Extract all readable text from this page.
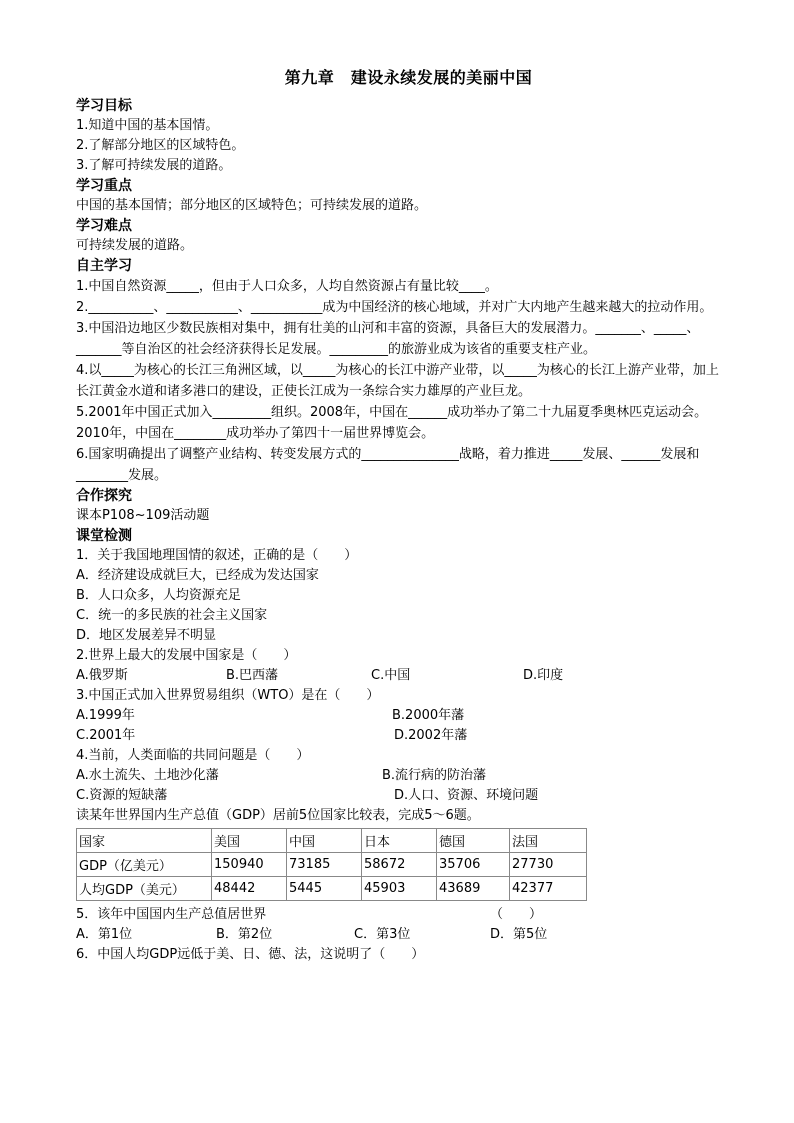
第九章　建设永续发展的美丽中国
学习目标
1.知道中国的基本国情。
2.了解部分地区的区域特色。
3.了解可持续发展的道路。
学习重点
中国的基本国情；部分地区的区域特色；可持续发展的道路。
学习难点
可持续发展的道路。
自主学习
1.中国自然资源_____，但由于人口众多，人均自然资源占有量比较____。
2.__________、___________、___________成为中国经济的核心地域，并对广大内地产生越来越大的拉动作用。
3.中国沿边地区少数民族相对集中，拥有壮美的山河和丰富的资源，具备巨大的发展潜力。_______、_____、_______等自治区的社会经济获得长足发展。_________的旅游业成为该省的重要支柱产业。
4.以_____为核心的长江三角洲区域，以_____为核心的长江中游产业带，以_____为核心的长江上游产业带，加上长江黄金水道和诸多港口的建设，正使长江成为一条综合实力雄厚的产业巨龙。
5.2001年中国正式加入_________组织。2008年，中国在______成功举办了第二十九届夏季奥林匹克运动会。2010年，中国在________成功举办了第四十一届世界博览会。
6.国家明确提出了调整产业结构、转变发展方式的_______________战略，着力推进_____发展、______发展和________发展。
合作探究
课本P108~109活动题
课堂检测
1．关于我国地理国情的叙述，正确的是（　　）
A．经济建设成就巨大，已经成为发达国家
B．人口众多，人均资源充足
C．统一的多民族的社会主义国家
D．地区发展差异不明显
2.世界上最大的发展中国家是（　　）
A.俄罗斯	B.巴西藩	C.中国	D.印度
3.中国正式加入世界贸易组织（WTO）是在（　　）
A.1999年	B.2000年藩
C.2001年	D.2002年藩
4.当前，人类面临的共同问题是（　　）
A.水土流失、土地沙化藩	B.流行病的防治藩
C.资源的短缺藩	D.人口、资源、环境问题
读某年世界国内生产总值（GDP）居前5位国家比较表，完成5～6题。
国家	美国	中国	日本	德国	法国
GDP（亿美元）	150940	73185	58672	35706	27730
人均GDP（美元）	48442	5445	45903	43689	42377
5．该年中国国内生产总值居世界	（　　）
A．第1位	B．第2位	C．第3位	D．第5位
6．中国人均GDP远低于美、日、德、法，这说明了（　　）
